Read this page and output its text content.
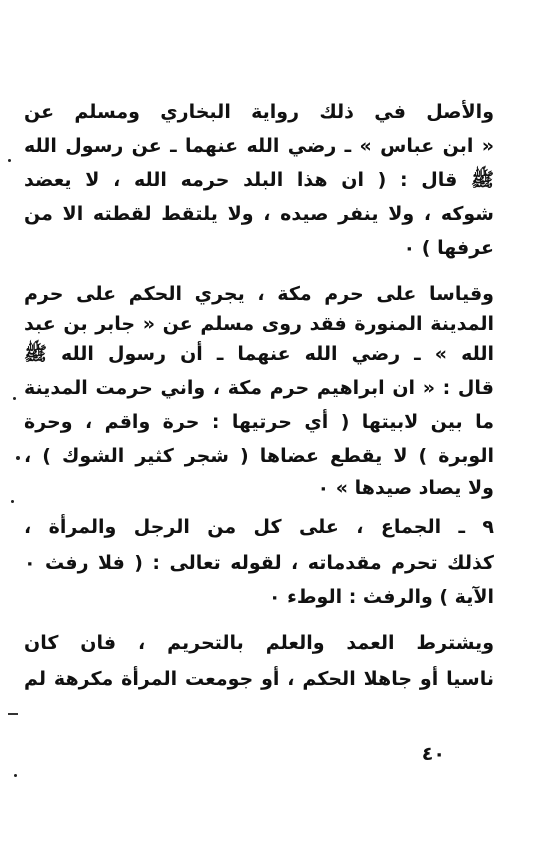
والأصل في ذلك رواية البخاري ومسلم عن
« ابن عباس » ـ رضي الله عنهما ـ عن رسول الله
ﷺ قال : ( ان هذا البلد حرمه الله ، لا يعضد
شوكه ، ولا ينفر صيده ، ولا يلتقط لقطته الا من
عرفها ) ٠
وقياسا على حرم مكة ، يجري الحكم على حرم
المدينة المنورة فقد روى مسلم عن « جابر بن عبد
الله » ـ رضي الله عنهما ـ أن رسول الله ﷺ
قال : « ان ابراهيم حرم مكة ، واني حرمت المدينة
ما بين لابيتها ( أي حرتيها : حرة واقم ، وحرة
الوبرة ) لا يقطع عضاها ( شجر كثير الشوك ) ،
ولا يصاد صيدها » ٠
٩ ـ الجماع ، على كل من الرجل والمرأة ،
كذلك تحرم مقدماته ، لقوله تعالى : ( فلا رفث ٠
الآية ) والرفث : الوطء ٠
ويشترط العمد والعلم بالتحريم ، فان كان
ناسيا أو جاهلا الحكم ، أو جومعت المرأة مكرهة لم
٤٠
